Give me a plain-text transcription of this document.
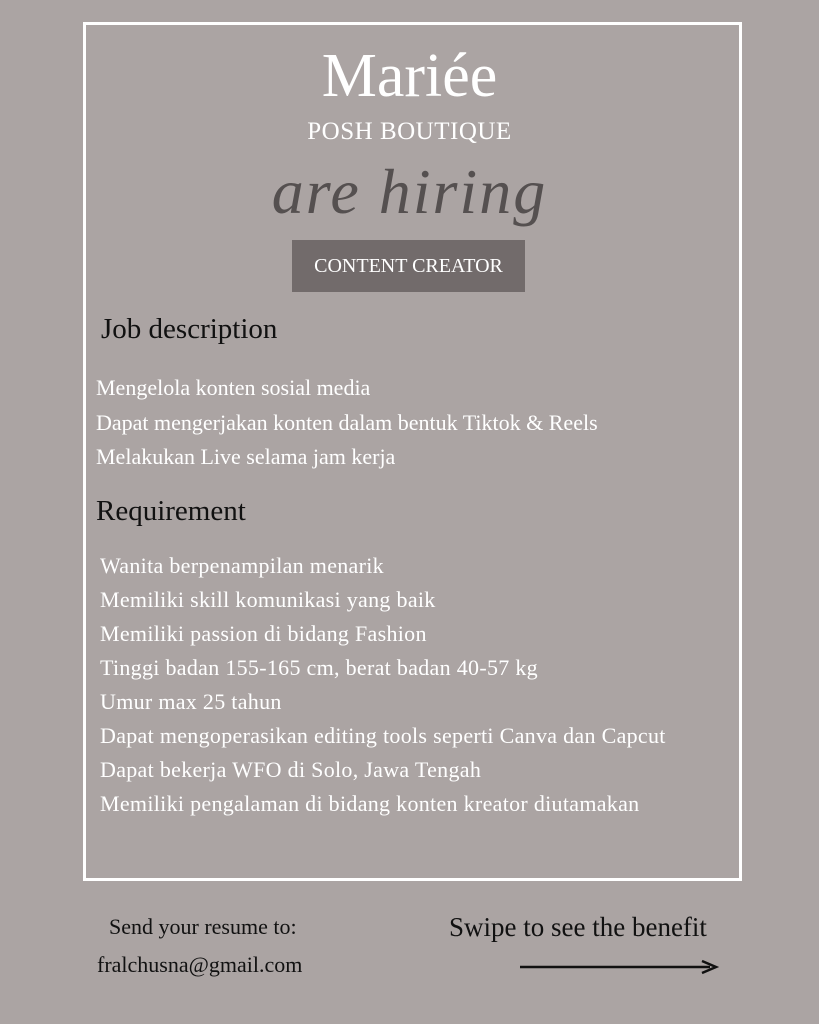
Mariée
POSH BOUTIQUE
are hiring
CONTENT CREATOR
Job description
Mengelola konten sosial media
Dapat mengerjakan konten dalam bentuk Tiktok & Reels
Melakukan Live selama jam kerja
Requirement
Wanita berpenampilan menarik
Memiliki skill komunikasi yang baik
Memiliki passion di bidang Fashion
Tinggi badan 155-165 cm, berat badan 40-57 kg
Umur max 25 tahun
Dapat mengoperasikan editing tools seperti Canva dan Capcut
Dapat bekerja WFO di Solo, Jawa Tengah
Memiliki pengalaman di bidang konten kreator diutamakan
Send your resume to:
fralchusna@gmail.com
Swipe to see the benefit
